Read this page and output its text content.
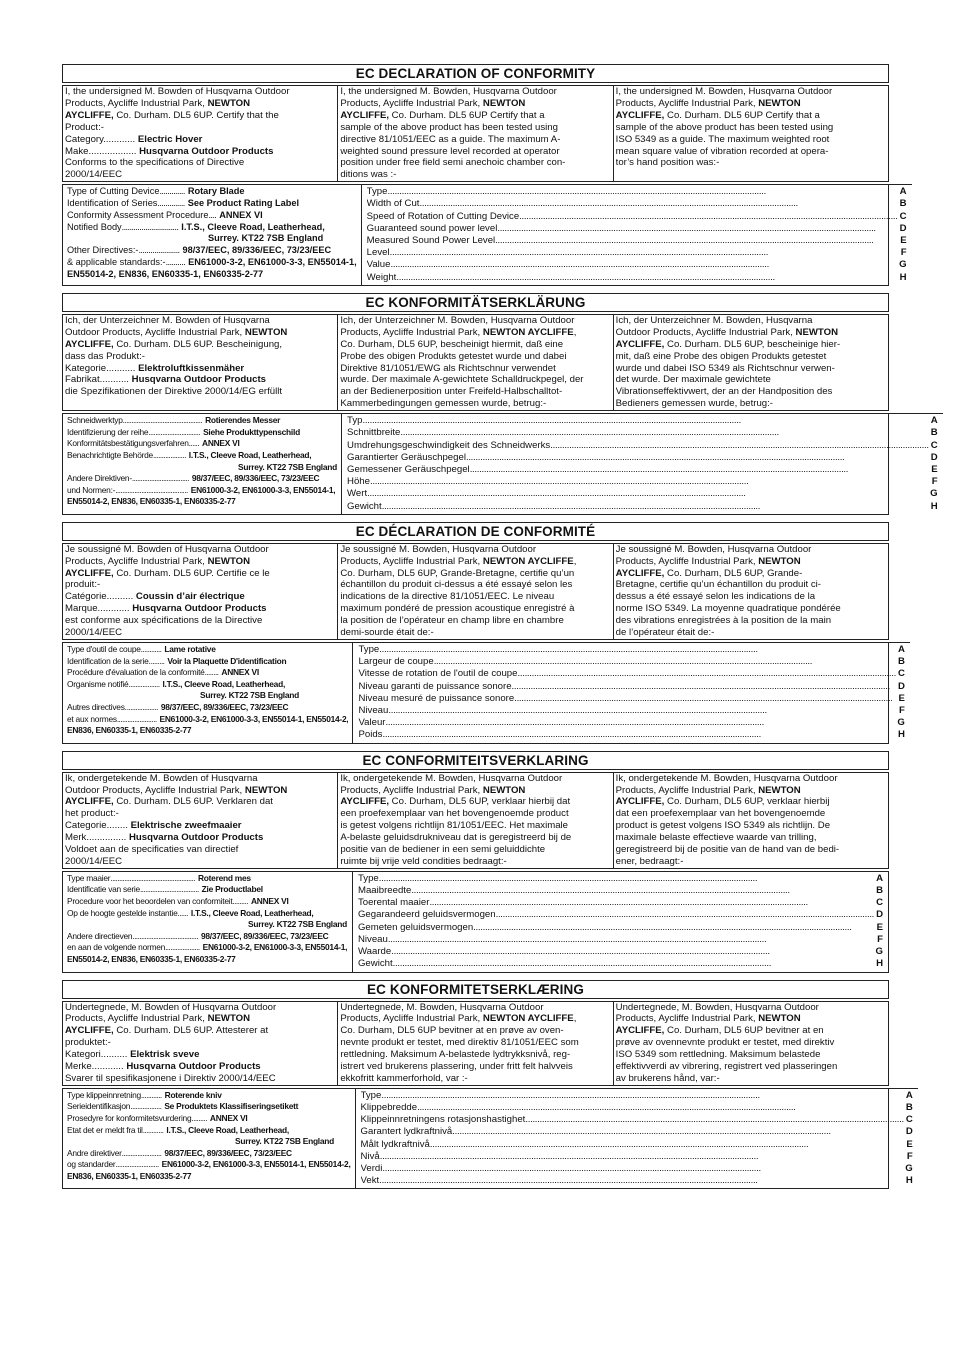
EC DECLARATION OF CONFORMITY
I, the undersigned M. Bowden of Husqvarna Outdoor
Products, Aycliffe Industrial Park, NEWTON
AYCLIFFE, Co. Durham. DL5 6UP. Certify that the
Product:-
Category............ Electric Hover
Make.................. Husqvarna Outdoor Products
Conforms to the specifications of Directive
2000/14/EEC
I, the undersigned M. Bowden, Husqvarna Outdoor
Products, Aycliffe Industrial Park, NEWTON
AYCLIFFE, Co. Durham. DL5 6UP Certify that a
sample of the above product has been tested using
directive 81/1051/EEC as a guide. The maximum A-
weighted sound pressure level recorded at operator
position under free field semi anechoic chamber con-
ditions was :-
I, the undersigned M. Bowden, Husqvarna Outdoor
Products, Aycliffe Industrial Park, NEWTON
AYCLIFFE, Co. Durham. DL5 6UP Certify that a
sample of the above product has been tested using
ISO 5349 as a guide. The maximum weighted root
mean square value of vibration recorded at opera-
tor’s hand position was:-
Type of Cutting Device ............. Rotary Blade
Identification of Series .............. See Product Rating Label
Conformity Assessment Procedure .... ANNEX VI
Notified Body ............................. I.T.S., Cleeve Road, Leatherhead,
Surrey. KT22 7SB England
Other Directives:- ..................... 98/37/EEC, 89/336/EEC, 73/23/EEC
& applicable standards:- .......... EN61000-3-2, EN61000-3-3, EN55014-1,
EN55014-2, EN836, EN60335-1, EN60335-2-77
Type ................................................................................................................................................................	A
Width of Cut ................................................................................................................................................................	B
Speed of Rotation of Cutting Device ................................................................................................................................................................ C
Guaranteed sound power level ................................................................................................................................................................	D
Measured Sound Power Level ................................................................................................................................................................	E
Level ................................................................................................................................................................	F
Value ................................................................................................................................................................	G
Weight ................................................................................................................................................................	H
EC KONFORMITÄTSERKLÄRUNG
Ich, der Unterzeichner M. Bowden of Husqvarna
Outdoor Products, Aycliffe Industrial Park, NEWTON
AYCLIFFE, Co. Durham. DL5 6UP. Bescheinigung,
dass das Produkt:-
Kategorie........... Elektroluftkissenmäher
Fabrikat........... Husqvarna Outdoor Products
die Spezifikationen der Direktive 2000/14/EG erfüllt
Ich, der Unterzeichner M. Bowden, Husqvarna Outdoor
Products, Aycliffe Industrial Park, NEWTON AYCLIFFE,
Co. Durham, DL5 6UP, bescheinigt hiermit, daß eine
Probe des obigen Produkts getestet wurde und dabei
Direktive 81/1051/EWG als Richtschnur verwendet
wurde. Der maximale A-gewichtete Schalldruckpegel, der
an der Bedienerposition unter Freifeld-Halbschalltot-
Kammerbedingungen gemessen wurde, betrug:-
Ich, der Unterzeichner M. Bowden, Husqvarna
Outdoor Products, Aycliffe Industrial Park, NEWTON
AYCLIFFE, Co. Durham. DL5 6UP, bescheinige hier-
mit, daß eine Probe des obigen Produkts getestet
wurde und dabei ISO 5349 als Richtschnur verwen-
det wurde. Der maximale gewichtete
Vibrationseffektivwert, der an der Handposition des
Bedieners gemessen wurde, betrug:-
Schneidwerktyp .............................................. Rotierendes Messer
Identifizierung der reihe .............................. Siehe Produkttypenschild
Konformitätsbestätigungsverfahren ...... ANNEX VI
Benachrichtigte Behörde ................... I.T.S., Cleeve Road, Leatherhead,
Surrey. KT22 7SB England
Andere Direktiven- ................................. 98/37/EEC, 89/336/EEC, 73/23/EEC
und Normen:- .......................................... EN61000-3-2, EN61000-3-3, EN55014-1,
EN55014-2, EN836, EN60335-1, EN60335-2-77
Typ ................................................................................................................................................................	A
Schnittbreite ................................................................................................................................................................	B
Umdrehungsgeschwindigkeit des Schneidwerks ................................................................................................................................................................ C
Garantierter Geräuschpegel ................................................................................................................................................................	D
Gemessener Geräuschpegel ................................................................................................................................................................	E
Höhe ................................................................................................................................................................	F
Wert ................................................................................................................................................................	G
Gewicht ................................................................................................................................................................	H
EC DÉCLARATION DE CONFORMITÉ
Je soussigné M. Bowden of Husqvarna Outdoor
Products, Aycliffe Industrial Park, NEWTON
AYCLIFFE, Co. Durham. DL5 6UP. Certifie ce le
produit:-
Catégorie.......... Coussin d’air électrique
Marque............ Husqvarna Outdoor Products
est conforme aux spécifications de la Directive
2000/14/EEC
Je soussigné M. Bowden, Husqvarna Outdoor
Products, Aycliffe Industrial Park, NEWTON AYCLIFFE,
Co. Durham, DL5 6UP, Grande-Bretagne, certifie qu’un
échantillon du produit ci-dessus a été essayé selon les
indications de la directive 81/1051/EEC. Le niveau
maximum pondéré de pression acoustique enregistré à
la position de l’opérateur en champ libre en chambre
demi-sourde était de:-
Je soussigné M. Bowden, Husqvarna Outdoor
Products, Aycliffe Industrial Park, NEWTON
AYCLIFFE, Co. Durham, DL5 6UP, Grande-
Bretagne, certifie qu’un échantillon du produit ci-
dessus a été essayé selon les indications de la
norme ISO 5349. La moyenne quadratique pondérée
des vibrations enregistrées à la position de la main
de l’opérateur était de:-
Type d'outil de coupe ............ Lame rotative
Identification de la serie. ........ Voir la Plaquette D'identification
Procédure d'évaluation de la conformité ........ ANNEX VI
Organisme notifié .................. I.T.S., Cleeve Road, Leatherhead,
Surrey. KT22 7SB England
Autres directives. .................. 98/37/EEC, 89/336/EEC, 73/23/EEC
et aux normes ....................... EN61000-3-2, EN61000-3-3, EN55014-1, EN55014-2,
EN836, EN60335-1, EN60335-2-77
Type ................................................................................................................................................................	A
Largeur de coupe ................................................................................................................................................................	B
Vitesse de rotation de l'outil de coupe ................................................................................................................................................................ C
Niveau garanti de puissance sonore ................................................................................................................................................................ D
Niveau mesuré de puissance sonore ................................................................................................................................................................ E
Niveau ................................................................................................................................................................	F
Valeur ................................................................................................................................................................	G
Poids ................................................................................................................................................................	H
EC CONFORMITEITSVERKLARING
Ik, ondergetekende M. Bowden of Husqvarna
Outdoor Products, Aycliffe Industrial Park, NEWTON
AYCLIFFE, Co. Durham. DL5 6UP. Verklaren dat
het product:-
Categorie........ Elektrische zweefmaaier
Merk............... Husqvarna Outdoor Products
Voldoet aan de specificaties van directief
2000/14/EEC
Ik, ondergetekende M. Bowden, Husqvarna Outdoor
Products, Aycliffe Industrial Park, NEWTON
AYCLIFFE, Co. Durham, DL5 6UP, verklaar hierbij dat
een proefexemplaar van het bovengenoemde product
is getest volgens richtlijn 81/1051/EEC. Het maximale
A-belaste geluidsdrukniveau dat is geregistreerd bij de
positie van de bediener in een semi geluiddichte
ruimte bij vrije veld condities bedraagt:-
Ik, ondergetekende M. Bowden, Husqvarna Outdoor
Products, Aycliffe Industrial Park, NEWTON
AYCLIFFE, Co. Durham, DL5 6UP, verklaar hierbij
dat een proefexemplaar van het bovengenoemde
product is getest volgens ISO 5349 als richtlijn. De
maximale belaste effectieve waarde van trilling,
geregistreerd bij de positie van de hand van de bedi-
ener, bedraagt:-
Type maaier ................................................. Roterend mes
Identificatie van serie .................................. Zie Productlabel
Procedure voor het beoordelen van conformiteit ......... ANNEX VI
Op de hoogte gestelde instantie ...... I.T.S., Cleeve Road, Leatherhead,
Surrey. KT22 7SB England
Andere directieven ...................................... 98/37/EEC, 89/336/EEC, 73/23/EEC
en aan de volgende normen .................... EN61000-3-2, EN61000-3-3, EN55014-1,
EN55014-2, EN836, EN60335-1, EN60335-2-77
Type ................................................................................................................................................................	A
Maaibreedte ................................................................................................................................................................	B
Toerental maaier ................................................................................................................................................................	C
Gegarandeerd geluidsvermogen ................................................................................................................................................................ D
Gemeten geluidsvermogen ................................................................................................................................................................	E
Niveau ................................................................................................................................................................	F
Waarde ................................................................................................................................................................	G
Gewicht ................................................................................................................................................................	H
EC KONFORMITETSERKLÆRING
Undertegnede, M. Bowden of Husqvarna Outdoor
Products, Aycliffe Industrial Park, NEWTON
AYCLIFFE, Co. Durham. DL5 6UP. Attesterer at
produktet:-
Kategori.......... Elektrisk sveve
Merke............ Husqvarna Outdoor Products
Svarer til spesifikasjonene i Direktiv 2000/14/EEC
Undertegnede, M. Bowden, Husqvarna Outdoor
Products, Aycliffe Industrial Park, NEWTON AYCLIFFE,
Co. Durham, DL5 6UP bevitner at en prøve av oven-
nevnte produkt er testet, med direktiv 81/1051/EEC som
rettledning. Maksimum A-belastede lydtrykksnivå, reg-
istrert ved brukerens plassering, under fritt felt halvveis
ekkofritt kammerforhold, var :-
Undertegnede, M. Bowden, Husqvarna Outdoor
Products, Aycliffe Industrial Park, NEWTON
AYCLIFFE, Co. Durham, DL5 6UP bevitner at en
prøve av ovennevnte produkt er testet, med direktiv
ISO 5349 som rettledning. Maksimum belastede
effektivverdi av vibrering, registrert ved plasseringen
av brukerens hånd, var:-
Type klippeinnretning ............ Roterende kniv
Serieidentifikasjon .................. Se Produktets Klassifiseringsetikett
Prosedyre for konformitetsvurdering ......... ANNEX VI
Etat det er meldt fra til ............ I.T.S., Cleeve Road, Leatherhead,
Surrey. KT22 7SB England
Andre direktiver ....................... 98/37/EEC, 89/336/EEC, 73/23/EEC
og standarder ......................... EN61000-3-2, EN61000-3-3, EN55014-1, EN55014-2,
EN836, EN60335-1, EN60335-2-77
Type ................................................................................................................................................................	A
Klippebredde ................................................................................................................................................................	B
Klippeinnretningens rotasjonshastighet ................................................................................................................................................................ C
Garantert lydkraftnivå ................................................................................................................................................................	D
Målt lydkraftnivå ................................................................................................................................................................	E
Nivå ................................................................................................................................................................	F
Verdi ................................................................................................................................................................	G
Vekt ................................................................................................................................................................	H
